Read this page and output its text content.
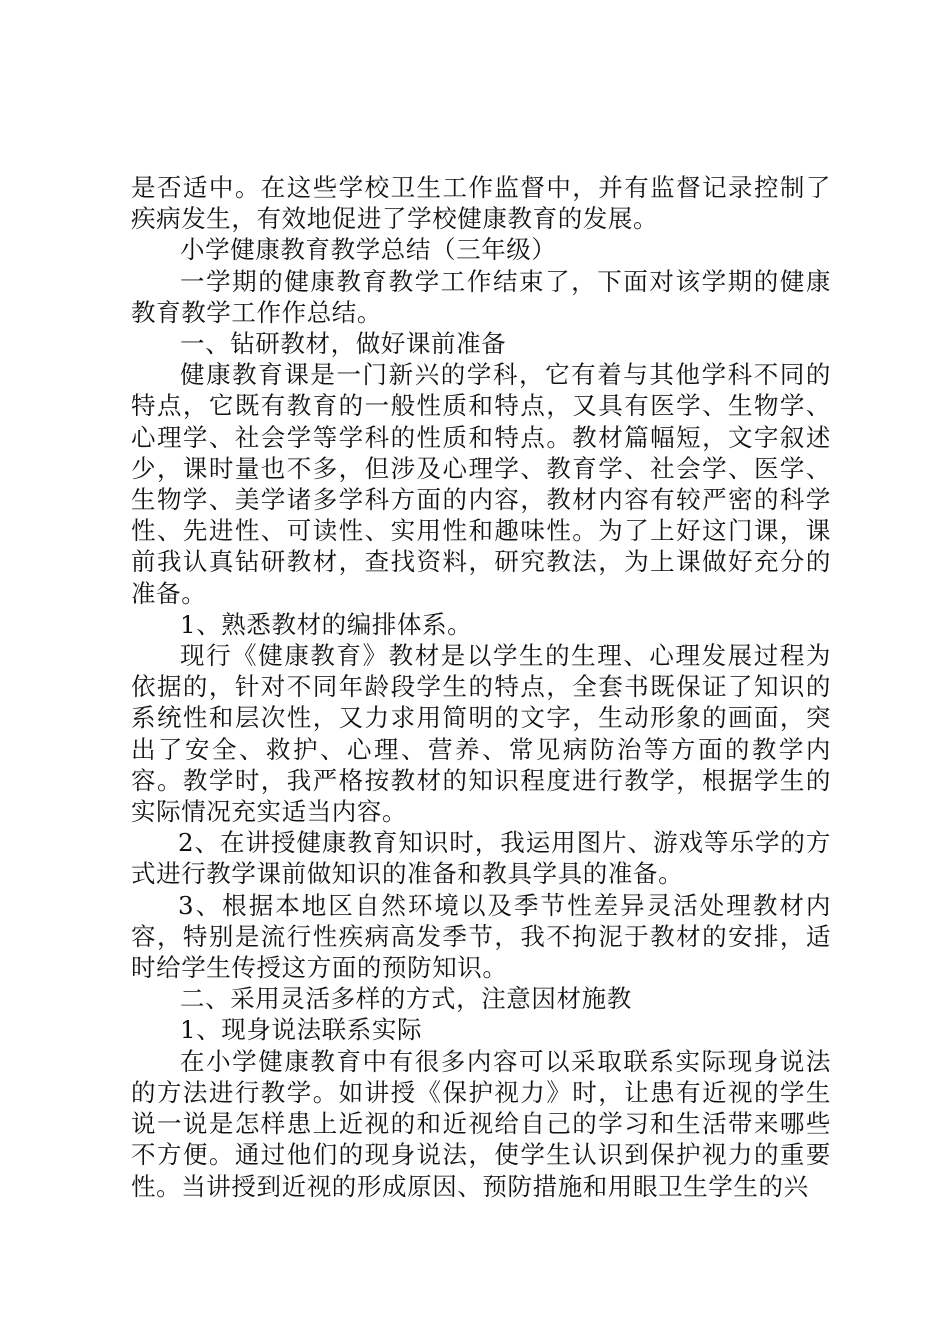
是否适中。在这些学校卫生工作监督中，并有监督记录控制了疾病发生，有效地促进了学校健康教育的发展。

小学健康教育教学总结（三年级）

一学期的健康教育教学工作结束了，下面对该学期的健康教育教学工作作总结。

一、钻研教材，做好课前准备

健康教育课是一门新兴的学科，它有着与其他学科不同的特点，它既有教育的一般性质和特点，又具有医学、生物学、心理学、社会学等学科的性质和特点。教材篇幅短，文字叙述少，课时量也不多，但涉及心理学、教育学、社会学、医学、生物学、美学诸多学科方面的内容，教材内容有较严密的科学性、先进性、可读性、实用性和趣味性。为了上好这门课，课前我认真钻研教材，查找资料，研究教法，为上课做好充分的准备。

1、熟悉教材的编排体系。

现行《健康教育》教材是以学生的生理、心理发展过程为依据的，针对不同年龄段学生的特点，全套书既保证了知识的系统性和层次性，又力求用简明的文字，生动形象的画面，突出了安全、救护、心理、营养、常见病防治等方面的教学内容。教学时，我严格按教材的知识程度进行教学，根据学生的实际情况充实适当内容。

2、在讲授健康教育知识时，我运用图片、游戏等乐学的方式进行教学课前做知识的准备和教具学具的准备。

3、根据本地区自然环境以及季节性差异灵活处理教材内容，特别是流行性疾病高发季节，我不拘泥于教材的安排，适时给学生传授这方面的预防知识。

二、采用灵活多样的方式，注意因材施教

1、现身说法联系实际

在小学健康教育中有很多内容可以采取联系实际现身说法的方法进行教学。如讲授《保护视力》时，让患有近视的学生说一说是怎样患上近视的和近视给自己的学习和生活带来哪些不方便。通过他们的现身说法，使学生认识到保护视力的重要性。当讲授到近视的形成原因、预防措施和用眼卫生学生的兴
